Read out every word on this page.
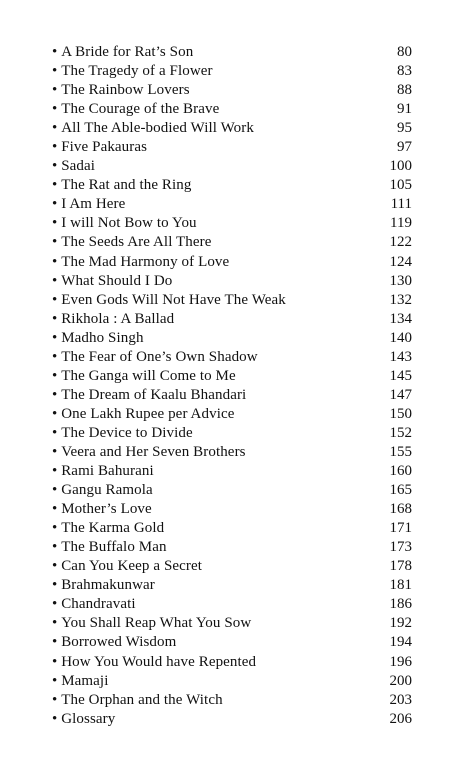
• A Bride for Rat’s Son	80
• The Tragedy of a Flower	83
• The Rainbow Lovers	88
• The Courage of the Brave	91
• All The Able-bodied Will Work	95
• Five Pakauras	97
• Sadai	100
• The Rat and the Ring	105
• I Am Here	111
• I will Not Bow to You	119
• The Seeds Are All There	122
• The Mad Harmony of Love	124
• What Should I Do	130
• Even Gods Will Not Have The Weak	132
• Rikhola : A Ballad	134
• Madho Singh	140
• The Fear of One’s Own Shadow	143
• The Ganga will Come to Me	145
• The Dream of Kaalu Bhandari	147
• One Lakh Rupee per Advice	150
• The Device to Divide	152
• Veera and Her Seven Brothers	155
• Rami Bahurani	160
• Gangu Ramola	165
• Mother’s Love	168
• The Karma Gold	171
• The Buffalo Man	173
• Can You Keep a Secret	178
• Brahmakunwar	181
• Chandravati	186
• You Shall Reap What You Sow	192
• Borrowed Wisdom	194
• How You Would have Repented	196
• Mamaji	200
• The Orphan and the Witch	203
• Glossary	206
